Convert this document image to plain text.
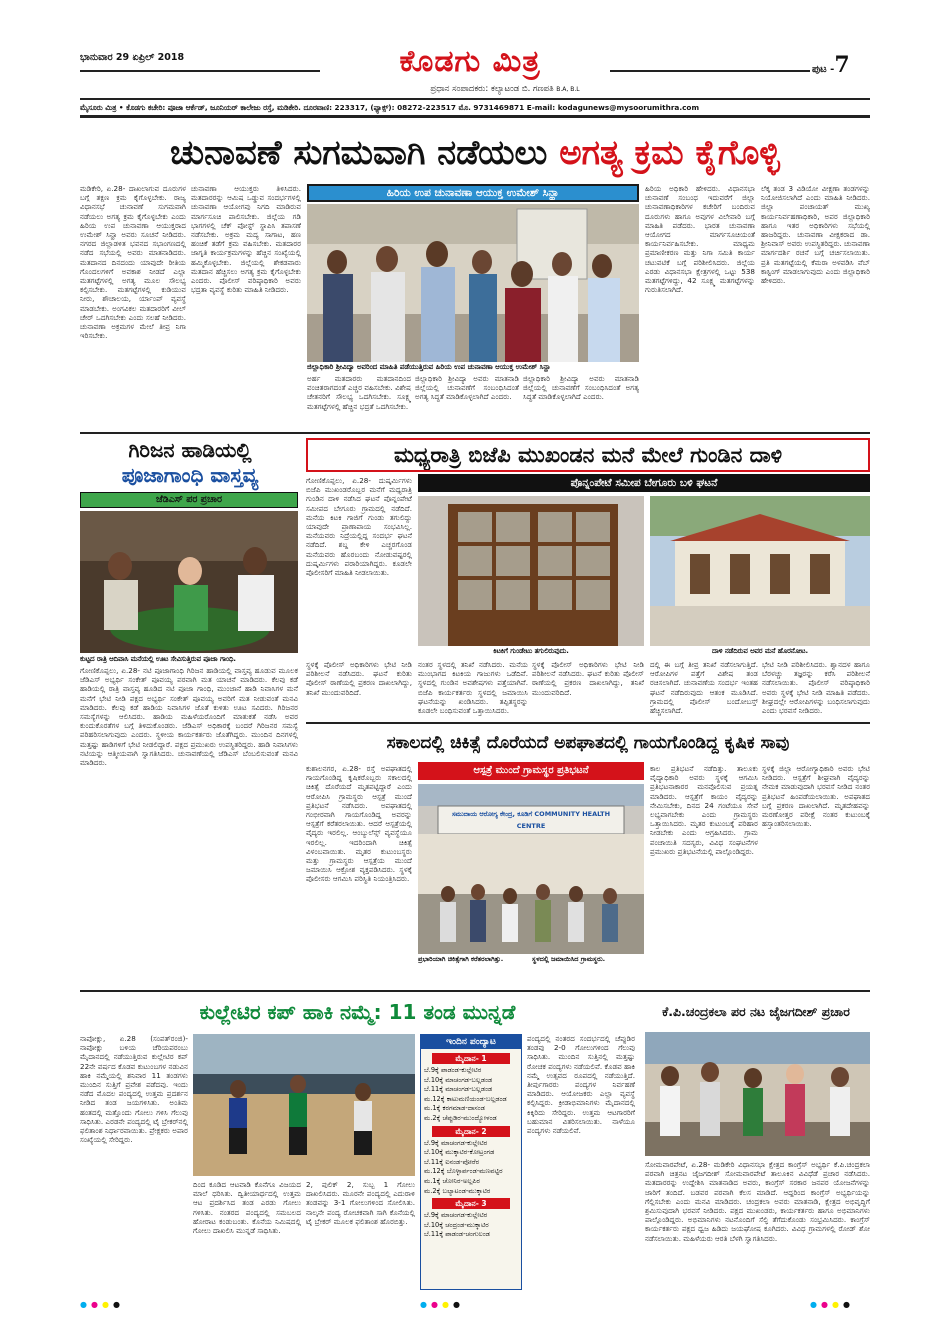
ಭಾನುವಾರ 29 ಏಪ್ರಿಲ್ 2018	ಕೊಡಗು ಮಿತ್ರ
ಪ್ರಧಾನ ಸಂಪಾದಕರು: ಕಲ್ಯಾಟಂಡ ಬಿ. ಗಣಪತಿ B.A, B.L
ಪುಟ -7
ಮೈಸೂರು ಮಿತ್ರ • ಕೊಡಗು ಕಚೇರಿ: ಪೂಜಾ ಆರ್ಕೆಡ್, ಜೂನಿಯರ್ ಕಾಲೇಜು ರಸ್ತೆ, ಮಡಿಕೇರಿ. ದೂರವಾಣಿ: 223317, (ಫ್ಯಾಕ್ಸ್): 08272-223517 ಮೊ. 9731469871 E-mail: kodagunews@mysoorumithra.com
ಚುನಾವಣೆ ಸುಗಮವಾಗಿ ನಡೆಯಲು ಅಗತ್ಯ ಕ್ರಮ ಕೈಗೊಳ್ಳಿ
ಮಡಿಕೇರಿ, ಏ.28- ದಾಖಲಾಗುವ ದೂರುಗಳ ಬಗ್ಗೆ ತಕ್ಷಣ ಕ್ರಮ ಕೈಗೊಳ್ಳಬೇಕು. ರಾಜ್ಯ ವಿಧಾನಸಭೆ ಚುನಾವಣೆ ಸುಗಮವಾಗಿ ನಡೆಯಲು ಅಗತ್ಯ ಕ್ರಮ ಕೈಗೊಳ್ಳಬೇಕು ಎಂದು ಹಿರಿಯ ಉಪ ಚುನಾವಣಾ ಆಯುಕ್ತರಾದ ಉಮೇಶ್ ಸಿನ್ಹಾ ಅವರು ಸೂಚನೆ ನೀಡಿದರು. ನಗರದ ಜಿಲ್ಲಾಡಳಿತ ಭವನದ ಸಭಾಂಗಣದಲ್ಲಿ ನಡೆದ ಸಭೆಯಲ್ಲಿ ಅವರು ಮಾತನಾಡಿದರು. ಮತದಾನದ ದಿನದಂದು ಯಾವುದೇ ರೀತಿಯ ಗೊಂದಲಗಳಿಗೆ ಅವಕಾಶ ನೀಡದೆ ಎಲ್ಲಾ ಮತಗಟ್ಟೆಗಳಲ್ಲಿ ಅಗತ್ಯ ಮೂಲ ಸೌಲಭ್ಯ ಕಲ್ಪಿಸಬೇಕು. ಮತಗಟ್ಟೆಗಳಲ್ಲಿ ಕುಡಿಯುವ ನೀರು, ಶೌಚಾಲಯ, ರ್ಯಾಂಪ್ ವ್ಯವಸ್ಥೆ ಮಾಡಬೇಕು. ಅಂಗವಿಕಲ ಮತದಾರರಿಗೆ ವೀಲ್ ಚೇರ್ ಒದಗಿಸಬೇಕು ಎಂದು ಸಲಹೆ ನೀಡಿದರು. ಚುನಾವಣಾ ಅಕ್ರಮಗಳ ಮೇಲೆ ತೀವ್ರ ನಿಗಾ ಇರಿಸಬೇಕು.
ಚುನಾವಣಾ ಆಯುಕ್ತರು ತಿಳಿಸಿದರು. ಮತದಾರರನ್ನು ಆಮಿಷ ಒಡ್ಡುವ ಸಂದರ್ಭಗಳಲ್ಲಿ ಚುನಾವಣಾ ಆಯೋಗವು ನಿಗದಿ ಮಾಡಿರುವ ಮಾರ್ಗಸೂಚಿ ಪಾಲಿಸಬೇಕು. ಜಿಲ್ಲೆಯ ಗಡಿ ಭಾಗಗಳಲ್ಲಿ ಚೆಕ್ ಪೋಸ್ಟ್ ಸ್ಥಾಪಿಸಿ ತಪಾಸಣೆ ನಡೆಸಬೇಕು. ಅಕ್ರಮ ಮದ್ಯ ಸಾಗಾಟ, ಹಣ ಹಂಚಿಕೆ ತಡೆಗೆ ಕ್ರಮ ವಹಿಸಬೇಕು. ಮತದಾರರ ಜಾಗೃತಿ ಕಾರ್ಯಕ್ರಮಗಳನ್ನು ಹೆಚ್ಚಿನ ಸಂಖ್ಯೆಯಲ್ಲಿ ಹಮ್ಮಿಕೊಳ್ಳಬೇಕು. ಜಿಲ್ಲೆಯಲ್ಲಿ ಶೇಕಡವಾರು ಮತದಾನ ಹೆಚ್ಚಿಸಲು ಅಗತ್ಯ ಕ್ರಮ ಕೈಗೊಳ್ಳಬೇಕು ಎಂದರು. ಪೊಲೀಸ್ ವರಿಷ್ಠಾಧಿಕಾರಿ ಅವರು ಭದ್ರತಾ ವ್ಯವಸ್ಥೆ ಕುರಿತು ಮಾಹಿತಿ ನೀಡಿದರು.
ಹಿರಿಯ ಉಪ ಚುನಾವಣಾ ಆಯುಕ್ತ ಉಮೇಶ್ ಸಿನ್ಹಾ
ಜಿಲ್ಲಾಧಿಕಾರಿ ಶ್ರೀವಿದ್ಯಾ ಅವರಿಂದ ಮಾಹಿತಿ ಪಡೆಯುತ್ತಿರುವ ಹಿರಿಯ ಉಪ ಚುನಾವಣಾ ಆಯುಕ್ತ ಉಮೇಶ್ ಸಿನ್ಹಾ
ಅರ್ಹ ಮತದಾರರು ಮತದಾನದಿಂದ ವಂಚಿತರಾಗದಂತೆ ಎಚ್ಚರ ವಹಿಸಬೇಕು. ವಿಶೇಷ ಚೇತನರಿಗೆ ಸೌಲಭ್ಯ ಒದಗಿಸಬೇಕು. ಸೂಕ್ಷ್ಮ ಮತಗಟ್ಟೆಗಳಲ್ಲಿ ಹೆಚ್ಚಿನ ಭದ್ರತೆ ಒದಗಿಸಬೇಕು.
ಜಿಲ್ಲಾಧಿಕಾರಿ ಶ್ರೀವಿದ್ಯಾ ಅವರು ಮಾತನಾಡಿ ಜಿಲ್ಲೆಯಲ್ಲಿ ಚುನಾವಣೆಗೆ ಸಂಬಂಧಿಸಿದಂತೆ ಅಗತ್ಯ ಸಿದ್ಧತೆ ಮಾಡಿಕೊಳ್ಳಲಾಗಿದೆ ಎಂದರು.
ಜಿಲ್ಲಾಧಿಕಾರಿ ಶ್ರೀವಿದ್ಯಾ ಅವರು ಮಾತನಾಡಿ ಜಿಲ್ಲೆಯಲ್ಲಿ ಚುನಾವಣೆಗೆ ಸಂಬಂಧಿಸಿದಂತೆ ಅಗತ್ಯ ಸಿದ್ಧತೆ ಮಾಡಿಕೊಳ್ಳಲಾಗಿದೆ ಎಂದರು.
ಹಿರಿಯ ಅಧಿಕಾರಿ ಹೇಳಿದರು. ವಿಧಾನಸಭಾ ಚುನಾವಣೆ ಸಂಬಂಧ ಇದುವರೆಗೆ ಜಿಲ್ಲಾ ಚುನಾವಣಾಧಿಕಾರಿಗಳ ಕಚೇರಿಗೆ ಬಂದಿರುವ ದೂರುಗಳು ಹಾಗೂ ಅವುಗಳ ವಿಲೇವಾರಿ ಬಗ್ಗೆ ಮಾಹಿತಿ ಪಡೆದರು. ಭಾರತ ಚುನಾವಣಾ ಆಯೋಗದ ಮಾರ್ಗಸೂಚಿಯಂತೆ ಕಾರ್ಯನಿರ್ವಹಿಸಬೇಕು. ಮಾಧ್ಯಮ ಪ್ರಮಾಣೀಕರಣ ಮತ್ತು ನಿಗಾ ಸಮಿತಿ ಕಾರ್ಯ ಚಟುವಟಿಕೆ ಬಗ್ಗೆ ಪರಿಶೀಲಿಸಿದರು. ಜಿಲ್ಲೆಯ ಎರಡು ವಿಧಾನಸಭಾ ಕ್ಷೇತ್ರಗಳಲ್ಲಿ ಒಟ್ಟು 538 ಮತಗಟ್ಟೆಗಳಿದ್ದು, 42 ಸೂಕ್ಷ್ಮ ಮತಗಟ್ಟೆಗಳನ್ನು ಗುರುತಿಸಲಾಗಿದೆ.
ಲೆಕ್ಕ ತಂಡ 3 ವಿಡಿಯೋ ವೀಕ್ಷಣಾ ತಂಡಗಳನ್ನು ನಿಯೋಜಿಸಲಾಗಿದೆ ಎಂದು ಮಾಹಿತಿ ನೀಡಿದರು. ಜಿಲ್ಲಾ ಪಂಚಾಯತ್ ಮುಖ್ಯ ಕಾರ್ಯನಿರ್ವಹಣಾಧಿಕಾರಿ, ಅಪರ ಜಿಲ್ಲಾಧಿಕಾರಿ ಹಾಗೂ ಇತರ ಅಧಿಕಾರಿಗಳು ಸಭೆಯಲ್ಲಿ ಹಾಜರಿದ್ದರು. ಚುನಾವಣಾ ವೀಕ್ಷಕರಾದ ಡಾ. ಶ್ರೀನಿವಾಸ್ ಅವರು ಉಪಸ್ಥಿತರಿದ್ದರು. ಚುನಾವಣಾ ಮಾರ್ಗದರ್ಶಿ ರಚನೆ ಬಗ್ಗೆ ಚರ್ಚಿಸಲಾಯಿತು. ಪ್ರತಿ ಮತಗಟ್ಟೆಯಲ್ಲಿ ಕೆಮರಾ ಅಳವಡಿಸಿ ವೆಬ್ ಕಾಸ್ಟಿಂಗ್ ಮಾಡಲಾಗುವುದು ಎಂದು ಜಿಲ್ಲಾಧಿಕಾರಿ ಹೇಳಿದರು.
ಗಿರಿಜನ ಹಾಡಿಯಲ್ಲಿ
ಪೂಜಾಗಾಂಧಿ ವಾಸ್ತವ್ಯ
ಜೆಡಿಎಸ್ ಪರ ಪ್ರಚಾರ
ಕುಟ್ಟದ ರಾತ್ರಿ ಆದಿವಾಸಿ ಮನೆಯಲ್ಲಿ ಊಟ ಸೇವಿಸುತ್ತಿರುವ ಪೂಜಾ ಗಾಂಧಿ.
ಗೋಣಿಕೊಪ್ಪಲು, ಏ.28- ನಟಿ ಪೂಜಾಗಾಂಧಿ ಗಿರಿಜನ ಹಾಡಿಯಲ್ಲಿ ವಾಸ್ತವ್ಯ ಹೂಡುವ ಮೂಲಕ ಜೆಡಿಎಸ್ ಅಭ್ಯರ್ಥಿ ಸಂಕೇತ್ ಪೂವಯ್ಯ ಪರವಾಗಿ ಮತ ಯಾಚನೆ ಮಾಡಿದರು. ಕೆಲವು ಕಡೆ ಹಾಡಿಯಲ್ಲಿ ರಾತ್ರಿ ವಾಸ್ತವ್ಯ ಹೂಡಿದ ನಟಿ ಪೂಜಾ ಗಾಂಧಿ, ಮುಂಜಾನೆ ಹಾಡಿ ನಿವಾಸಿಗಳ ಮನೆ ಮನೆಗೆ ಭೇಟಿ ನೀಡಿ ಪಕ್ಷದ ಅಭ್ಯರ್ಥಿ ಸಂಕೇತ್ ಪೂವಯ್ಯ ಅವರಿಗೆ ಮತ ನೀಡುವಂತೆ ಮನವಿ ಮಾಡಿದರು. ಕೆಲವು ಕಡೆ ಹಾಡಿಯ ನಿವಾಸಿಗಳ ಜೊತೆ ಕುಳಿತು ಊಟ ಸವಿದರು. ಗಿರಿಜನರ ಸಮಸ್ಯೆಗಳನ್ನು ಆಲಿಸಿದರು. ಹಾಡಿಯ ಮಹಿಳೆಯರೊಂದಿಗೆ ಮಾತುಕತೆ ನಡೆಸಿ ಅವರ ಕುಂದುಕೊರತೆಗಳ ಬಗ್ಗೆ ತಿಳಿದುಕೊಂಡರು. ಜೆಡಿಎಸ್ ಅಧಿಕಾರಕ್ಕೆ ಬಂದರೆ ಗಿರಿಜನರ ಸಮಸ್ಯೆ ಪರಿಹರಿಸಲಾಗುವುದು ಎಂದರು. ಸ್ಥಳೀಯ ಕಾರ್ಯಕರ್ತರು ಜೊತೆಗಿದ್ದರು. ಮುಂದಿನ ದಿನಗಳಲ್ಲಿ ಮತ್ತಷ್ಟು ಹಾಡಿಗಳಿಗೆ ಭೇಟಿ ನೀಡಲಿದ್ದಾರೆ. ಪಕ್ಷದ ಪ್ರಮುಖರು ಉಪಸ್ಥಿತರಿದ್ದರು. ಹಾಡಿ ನಿವಾಸಿಗಳು ನಟಿಯನ್ನು ಆತ್ಮೀಯವಾಗಿ ಸ್ವಾಗತಿಸಿದರು. ಚುನಾವಣೆಯಲ್ಲಿ ಜೆಡಿಎಸ್ ಬೆಂಬಲಿಸುವಂತೆ ಮನವಿ ಮಾಡಿದರು.
ಮಧ್ಯರಾತ್ರಿ ಬಿಜೆಪಿ ಮುಖಂಡನ ಮನೆ ಮೇಲೆ ಗುಂಡಿನ ದಾಳಿ
ಪೊನ್ನಂಪೇಟೆ ಸಮೀಪ ಬೇಗೂರು ಬಳಿ ಘಟನೆ
ಗೋಣಿಕೊಪ್ಪಲು, ಏ.28- ದುಷ್ಕರ್ಮಿಗಳು ಬಿಜೆಪಿ ಮುಖಂಡರೊಬ್ಬರ ಮನೆಗೆ ಮಧ್ಯರಾತ್ರಿ ಗುಂಡಿನ ದಾಳಿ ನಡೆಸಿದ ಘಟನೆ ಪೊನ್ನಂಪೇಟೆ ಸಮೀಪದ ಬೇಗೂರು ಗ್ರಾಮದಲ್ಲಿ ನಡೆದಿದೆ. ಮನೆಯ ಕಿಟಕಿ ಗಾಜಿಗೆ ಗುಂಡು ತಗುಲಿದ್ದು ಯಾವುದೇ ಪ್ರಾಣಾಪಾಯ ಸಂಭವಿಸಿಲ್ಲ. ಮನೆಯವರು ನಿದ್ರೆಯಲ್ಲಿದ್ದ ಸಂದರ್ಭ ಘಟನೆ ನಡೆದಿದೆ. ಶಬ್ದ ಕೇಳಿ ಎಚ್ಚರಗೊಂಡ ಮನೆಯವರು ಹೊರಬಂದು ನೋಡುವಷ್ಟರಲ್ಲಿ ದುಷ್ಕರ್ಮಿಗಳು ಪರಾರಿಯಾಗಿದ್ದರು. ಕೂಡಲೇ ಪೊಲೀಸರಿಗೆ ಮಾಹಿತಿ ನೀಡಲಾಯಿತು.
ಕಿಟಕಿಗೆ ಗುಂಡೇಟು ತಗುಲಿರುವುದು.	ದಾಳಿ ನಡೆದಿರುವ ಅವರ ಮನೆ ಹೊರನೋಟ.
ಸ್ಥಳಕ್ಕೆ ಪೊಲೀಸ್ ಅಧಿಕಾರಿಗಳು ಭೇಟಿ ನೀಡಿ ಪರಿಶೀಲನೆ ನಡೆಸಿದರು. ಘಟನೆ ಕುರಿತು ಪೊಲೀಸ್ ಠಾಣೆಯಲ್ಲಿ ಪ್ರಕರಣ ದಾಖಲಾಗಿದ್ದು, ತನಿಖೆ ಮುಂದುವರಿದಿದೆ.
ನಂತರ ಸ್ಥಳದಲ್ಲಿ ತನಿಖೆ ನಡೆಸಿದರು. ಮನೆಯ ಮುಂಭಾಗದ ಕಿಟಕಿಯ ಗಾಜುಗಳು ಒಡೆದಿವೆ. ಸ್ಥಳದಲ್ಲಿ ಗುಂಡಿನ ಅವಶೇಷಗಳು ಪತ್ತೆಯಾಗಿವೆ. ಬಿಜೆಪಿ ಕಾರ್ಯಕರ್ತರು ಸ್ಥಳದಲ್ಲಿ ಜಮಾಯಿಸಿ ಘಟನೆಯನ್ನು ಖಂಡಿಸಿದರು. ತಪ್ಪಿತಸ್ಥರನ್ನು ಕೂಡಲೇ ಬಂಧಿಸುವಂತೆ ಒತ್ತಾಯಿಸಿದರು.
ಸ್ಥಳಕ್ಕೆ ಪೊಲೀಸ್ ಅಧಿಕಾರಿಗಳು ಭೇಟಿ ನೀಡಿ ಪರಿಶೀಲನೆ ನಡೆಸಿದರು. ಘಟನೆ ಕುರಿತು ಪೊಲೀಸ್ ಠಾಣೆಯಲ್ಲಿ ಪ್ರಕರಣ ದಾಖಲಾಗಿದ್ದು, ತನಿಖೆ ಮುಂದುವರಿದಿದೆ.
ದಲ್ಲಿ ಈ ಬಗ್ಗೆ ತೀವ್ರ ತನಿಖೆ ನಡೆಸಲಾಗುತ್ತಿದೆ. ಆರೋಪಿಗಳ ಪತ್ತೆಗೆ ವಿಶೇಷ ತಂಡ ರಚಿಸಲಾಗಿದೆ. ಚುನಾವಣೆಯ ಸಂದರ್ಭ ಇಂತಹ ಘಟನೆ ನಡೆದಿರುವುದು ಆತಂಕ ಮೂಡಿಸಿದೆ. ಗ್ರಾಮದಲ್ಲಿ ಪೊಲೀಸ್ ಬಂದೋಬಸ್ತ್ ಹೆಚ್ಚಿಸಲಾಗಿದೆ.
ಭೇಟಿ ನೀಡಿ ಪರಿಶೀಲಿಸಿದರು. ಶ್ವಾನದಳ ಹಾಗೂ ಬೆರಳಚ್ಚು ತಜ್ಞರನ್ನು ಕರೆಸಿ ಪರಿಶೀಲನೆ ನಡೆಸಲಾಯಿತು. ಪೊಲೀಸ್ ವರಿಷ್ಠಾಧಿಕಾರಿ ಅವರು ಸ್ಥಳಕ್ಕೆ ಭೇಟಿ ನೀಡಿ ಮಾಹಿತಿ ಪಡೆದರು. ಶೀಘ್ರದಲ್ಲೇ ಆರೋಪಿಗಳನ್ನು ಬಂಧಿಸಲಾಗುವುದು ಎಂದು ಭರವಸೆ ನೀಡಿದರು.
ಸಕಾಲದಲ್ಲಿ ಚಿಕಿತ್ಸೆ ದೊರೆಯದೆ ಅಪಘಾತದಲ್ಲಿ ಗಾಯಗೊಂಡಿದ್ದ ಕೃಷಿಕ ಸಾವು
ಆಸ್ಪತ್ರೆ ಮುಂದೆ ಗ್ರಾಮಸ್ಥರ ಪ್ರತಿಭಟನೆ
ಕುಶಾಲನಗರ, ಏ.28- ರಸ್ತೆ ಅಪಘಾತದಲ್ಲಿ ಗಾಯಗೊಂಡಿದ್ದ ಕೃಷಿಕರೊಬ್ಬರು ಸಕಾಲದಲ್ಲಿ ಚಿಕಿತ್ಸೆ ದೊರೆಯದೆ ಮೃತಪಟ್ಟಿದ್ದಾರೆ ಎಂದು ಆರೋಪಿಸಿ ಗ್ರಾಮಸ್ಥರು ಆಸ್ಪತ್ರೆ ಮುಂದೆ ಪ್ರತಿಭಟನೆ ನಡೆಸಿದರು. ಅಪಘಾತದಲ್ಲಿ ಗಂಭೀರವಾಗಿ ಗಾಯಗೊಂಡಿದ್ದ ಅವರನ್ನು ಆಸ್ಪತ್ರೆಗೆ ಕರೆತರಲಾಯಿತು. ಆದರೆ ಆಸ್ಪತ್ರೆಯಲ್ಲಿ ವೈದ್ಯರು ಇರಲಿಲ್ಲ. ಆಂಬ್ಯುಲೆನ್ಸ್ ವ್ಯವಸ್ಥೆಯೂ ಇರಲಿಲ್ಲ. ಇದರಿಂದಾಗಿ ಚಿಕಿತ್ಸೆ ವಿಳಂಬವಾಯಿತು. ಮೃತರ ಕುಟುಂಬಸ್ಥರು ಮತ್ತು ಗ್ರಾಮಸ್ಥರು ಆಸ್ಪತ್ರೆಯ ಮುಂದೆ ಜಮಾಯಿಸಿ ಆಕ್ರೋಶ ವ್ಯಕ್ತಪಡಿಸಿದರು. ಸ್ಥಳಕ್ಕೆ ಪೊಲೀಸರು ಆಗಮಿಸಿ ಪರಿಸ್ಥಿತಿ ನಿಯಂತ್ರಿಸಿದರು.
ಸಮುದಾಯ ಆರೋಗ್ಯ ಕೇಂದ್ರ, ಕೂಡಿಗೆ COMMUNITY HEALTH CENTRE
ಪ್ರಭಾರಿಯಾಗಿ ಚಿಕಿತ್ಸೆಗಾಗಿ ಕರೆತರಲಾಗಿತ್ತು.	ಸ್ಥಳದಲ್ಲಿ ಜಮಾಯಿಸಿದ ಗ್ರಾಮಸ್ಥರು.
ಕಾಲ ಪ್ರತಿಭಟನೆ ನಡೆದಿತ್ತು. ತಾಲೂಕು ವೈದ್ಯಾಧಿಕಾರಿ ಅವರು ಸ್ಥಳಕ್ಕೆ ಆಗಮಿಸಿ ಪ್ರತಿಭಟನಾಕಾರರ ಮನವೊಲಿಸುವ ಪ್ರಯತ್ನ ಮಾಡಿದರು. ಆಸ್ಪತ್ರೆಗೆ ಕಾಯಂ ವೈದ್ಯರನ್ನು ನೇಮಿಸಬೇಕು, ದಿನದ 24 ಗಂಟೆಯೂ ಸೇವೆ ಲಭ್ಯವಾಗಬೇಕು ಎಂದು ಗ್ರಾಮಸ್ಥರು ಒತ್ತಾಯಿಸಿದರು. ಮೃತರ ಕುಟುಂಬಕ್ಕೆ ಪರಿಹಾರ ನೀಡಬೇಕು ಎಂದು ಆಗ್ರಹಿಸಿದರು. ಗ್ರಾಮ ಪಂಚಾಯಿತಿ ಸದಸ್ಯರು, ವಿವಿಧ ಸಂಘಟನೆಗಳ ಪ್ರಮುಖರು ಪ್ರತಿಭಟನೆಯಲ್ಲಿ ಪಾಲ್ಗೊಂಡಿದ್ದರು.
ಸ್ಥಳಕ್ಕೆ ಜಿಲ್ಲಾ ಆರೋಗ್ಯಾಧಿಕಾರಿ ಅವರು ಭೇಟಿ ನೀಡಿದರು. ಆಸ್ಪತ್ರೆಗೆ ಶೀಘ್ರವಾಗಿ ವೈದ್ಯರನ್ನು ನೇಮಕ ಮಾಡುವುದಾಗಿ ಭರವಸೆ ನೀಡಿದ ನಂತರ ಪ್ರತಿಭಟನೆ ಹಿಂಪಡೆಯಲಾಯಿತು. ಅಪಘಾತದ ಬಗ್ಗೆ ಪ್ರಕರಣ ದಾಖಲಾಗಿದೆ. ಮೃತದೇಹವನ್ನು ಮರಣೋತ್ತರ ಪರೀಕ್ಷೆ ನಂತರ ಕುಟುಂಬಕ್ಕೆ ಹಸ್ತಾಂತರಿಸಲಾಯಿತು.
ಕುಲ್ಲೇಟಿರ ಕಪ್ ಹಾಕಿ ನಮ್ಮೆ: 11 ತಂಡ ಮುನ್ನಡೆ
ನಾಪೋಕ್ಲು, ಏ.28 (ಸಂಪತ್‌ರಂಜಿ)- ನಾಪೋಕ್ಲು ಬಳಿಯ ಚೆರಿಯಪರಂಬು ಮೈದಾನದಲ್ಲಿ ನಡೆಯುತ್ತಿರುವ ಕುಲ್ಲೇಟಿರ ಕಪ್ 22ನೇ ವರ್ಷದ ಕೊಡವ ಕುಟುಂಬಗಳ ನಡುವಿನ ಹಾಕಿ ನಮ್ಮೆಯಲ್ಲಿ ಶನಿವಾರ 11 ತಂಡಗಳು ಮುಂದಿನ ಸುತ್ತಿಗೆ ಪ್ರವೇಶ ಪಡೆದವು. ಇಂದು ನಡೆದ ಮೊದಲ ಪಂದ್ಯದಲ್ಲಿ ಉತ್ತಮ ಪ್ರದರ್ಶನ ನೀಡಿದ ತಂಡ ಜಯಗಳಿಸಿತು. ಅಂತಿಮ ಹಂತದಲ್ಲಿ ಮತ್ತೊಂದು ಗೋಲು ಗಳಿಸಿ ಗೆಲುವು ಸಾಧಿಸಿತು. ಎರಡನೇ ಪಂದ್ಯದಲ್ಲಿ ಟೈ ಬ್ರೇಕರ್‌ನಲ್ಲಿ ಫಲಿತಾಂಶ ನಿರ್ಧಾರವಾಯಿತು. ಪ್ರೇಕ್ಷಕರು ಅಪಾರ ಸಂಖ್ಯೆಯಲ್ಲಿ ಸೇರಿದ್ದರು.
ದಿಂದ ಕೂಡಿದ ಆಟವಾಡಿ ಕೊನೆಗೂ ವಿಜಯದ ಮಾಲೆ ಧರಿಸಿತು. ದ್ವಿತೀಯಾರ್ಧದಲ್ಲಿ ಉತ್ತಮ ಆಟ ಪ್ರದರ್ಶಿಸಿದ ತಂಡ ಎರಡು ಗೋಲು ಗಳಿಸಿತು. ನಂತರದ ಪಂದ್ಯದಲ್ಲಿ ಸಮಬಲದ ಹೋರಾಟ ಕಂಡುಬಂತು. ಕೊನೆಯ ನಿಮಿಷದಲ್ಲಿ ಗೋಲು ದಾಖಲಿಸಿ ಮುನ್ನಡೆ ಸಾಧಿಸಿತು.
2, ಪುಲಿಕ್ 2, ಸುಬ್ಬ 1 ಗೋಲು ದಾಖಲಿಸಿದರು. ಮೂರನೇ ಪಂದ್ಯದಲ್ಲಿ ಎದುರಾಳಿ ತಂಡವನ್ನು 3-1 ಗೋಲುಗಳಿಂದ ಸೋಲಿಸಿತು. ನಾಲ್ಕನೇ ಪಂದ್ಯ ರೋಚಕವಾಗಿ ಸಾಗಿ ಕೊನೆಯಲ್ಲಿ ಟೈ ಬ್ರೇಕರ್ ಮೂಲಕ ಫಲಿತಾಂಶ ಹೊರಬಿತ್ತು.
ಇಂದಿನ ಪಂದ್ಯಾಟ
ಮೈದಾನ- 1
ಬೆ.9ಕ್ಕೆ ಪಾಡಂಡ-ಕುಲ್ಲೇಟಿರ
ಬೆ.10ಕ್ಕೆ ಮಾಚಂಗಡ-ಬಲ್ಲಡಂಡ
ಬೆ.11ಕ್ಕೆ ಮಾಚಂಗಡ-ಬಲ್ಲಡಂಡ
ಮ.12ಕ್ಕೆ ಕಾಟುಮಣಿಯಂಡ-ಬಲ್ಲಡಂಡ
ಮ.1ಕ್ಕೆ ಕರಗಮಾಡ-ದಾಸಂಡ
ಮ.2ಕ್ಕೆ ಚೆಪ್ಪುಡಿರ-ಮುಂದ್ಯೋಳಂಡ
ಮೈದಾನ- 2
ಬೆ.9ಕ್ಕೆ ಮಾಚಂಗಡ-ಕುಲ್ಲೇಟಿರ
ಬೆ.10ಕ್ಕೆ ಮುಕ್ಕಾಟಿರ-ಕೋಟ್ರಂಗಡ
ಬೆ.11ಕ್ಕೆ ಐನಂಡ-ಪೋರೆರ
ಮ.12ಕ್ಕೆ ಬೊಳ್ಳಾರ್ಪಂಡ-ಮಣವಟ್ಟಿರ
ಮ.1ಕ್ಕೆ ಚೋನಿರ-ಅಲ್ಲಪಿರ
ಮ.2ಕ್ಕೆ ಬಲ್ಯಾಟಂಡ-ಮುಕ್ಕಾಟಿರ
ಮೈದಾನ- 3
ಬೆ.9ಕ್ಕೆ ಮಾಚಂಗಡ-ಕುಲ್ಲೇಟಿರ
ಬೆ.10ಕ್ಕೆ ಚಂದ್ರಂಡ-ಮುಕ್ಕಾಟಿರ
ಬೆ.11ಕ್ಕೆ ಪಾಡಂಡ-ಚಂಗುಲಂಡ
ಪಂದ್ಯದಲ್ಲಿ ನಂತರದ ಸಂದರ್ಭದಲ್ಲಿ ಚೆಪ್ಪುಡಿರ ತಂಡವು 2-0 ಗೋಲುಗಳಿಂದ ಗೆಲುವು ಸಾಧಿಸಿತು. ಮುಂದಿನ ಸುತ್ತಿನಲ್ಲಿ ಮತ್ತಷ್ಟು ರೋಚಕ ಪಂದ್ಯಗಳು ನಡೆಯಲಿವೆ. ಕೊಡವ ಹಾಕಿ ನಮ್ಮೆ ಉತ್ಸವದ ರೂಪದಲ್ಲಿ ನಡೆಯುತ್ತಿದೆ. ತೀರ್ಪುಗಾರರು ಪಂದ್ಯಗಳ ನಿರ್ವಹಣೆ ಮಾಡಿದರು. ಆಯೋಜಕರು ಎಲ್ಲಾ ವ್ಯವಸ್ಥೆ ಕಲ್ಪಿಸಿದ್ದರು. ಕ್ರೀಡಾಭಿಮಾನಿಗಳು ಮೈದಾನದಲ್ಲಿ ಕಿಕ್ಕಿರಿದು ಸೇರಿದ್ದರು. ಉತ್ತಮ ಆಟಗಾರರಿಗೆ ಬಹುಮಾನ ವಿತರಿಸಲಾಯಿತು. ನಾಳೆಯೂ ಪಂದ್ಯಗಳು ನಡೆಯಲಿವೆ.
ಕೆ.ಪಿ.ಚಂದ್ರಕಲಾ ಪರ ನಟ ಜೈಜಗದೀಶ್ ಪ್ರಚಾರ
ಸೋಮವಾರಪೇಟೆ, ಏ.28- ಮಡಿಕೇರಿ ವಿಧಾನಸಭಾ ಕ್ಷೇತ್ರದ ಕಾಂಗ್ರೆಸ್ ಅಭ್ಯರ್ಥಿ ಕೆ.ಪಿ.ಚಂದ್ರಕಲಾ ಪರವಾಗಿ ಚಿತ್ರನಟ ಜೈಜಗದೀಶ್ ಸೋಮವಾರಪೇಟೆ ತಾಲೂಕಿನ ವಿವಿಧೆಡೆ ಪ್ರಚಾರ ನಡೆಸಿದರು. ಮತದಾರರನ್ನು ಉದ್ದೇಶಿಸಿ ಮಾತನಾಡಿದ ಅವರು, ಕಾಂಗ್ರೆಸ್ ಸರಕಾರ ಜನಪರ ಯೋಜನೆಗಳನ್ನು ಜಾರಿಗೆ ತಂದಿದೆ. ಬಡವರ ಪರವಾಗಿ ಕೆಲಸ ಮಾಡಿದೆ. ಆದ್ದರಿಂದ ಕಾಂಗ್ರೆಸ್ ಅಭ್ಯರ್ಥಿಯನ್ನು ಗೆಲ್ಲಿಸಬೇಕು ಎಂದು ಮನವಿ ಮಾಡಿದರು. ಚಂದ್ರಕಲಾ ಅವರು ಮಾತನಾಡಿ, ಕ್ಷೇತ್ರದ ಅಭಿವೃದ್ಧಿಗೆ ಶ್ರಮಿಸುವುದಾಗಿ ಭರವಸೆ ನೀಡಿದರು. ಪಕ್ಷದ ಮುಖಂಡರು, ಕಾರ್ಯಕರ್ತರು ಹಾಗೂ ಅಭಿಮಾನಿಗಳು ಪಾಲ್ಗೊಂಡಿದ್ದರು. ಅಭಿಮಾನಿಗಳು ನಟನೊಂದಿಗೆ ಸೆಲ್ಫಿ ತೆಗೆದುಕೊಂಡು ಸಂಭ್ರಮಿಸಿದರು. ಕಾಂಗ್ರೆಸ್ ಕಾರ್ಯಕರ್ತರು ಪಕ್ಷದ ಧ್ವಜ ಹಿಡಿದು ಜಯಘೋಷ ಕೂಗಿದರು. ವಿವಿಧ ಗ್ರಾಮಗಳಲ್ಲಿ ರೋಡ್ ಶೋ ನಡೆಸಲಾಯಿತು. ಮಹಿಳೆಯರು ಆರತಿ ಬೆಳಗಿ ಸ್ವಾಗತಿಸಿದರು.
●●●●	●●●●	●●●●
